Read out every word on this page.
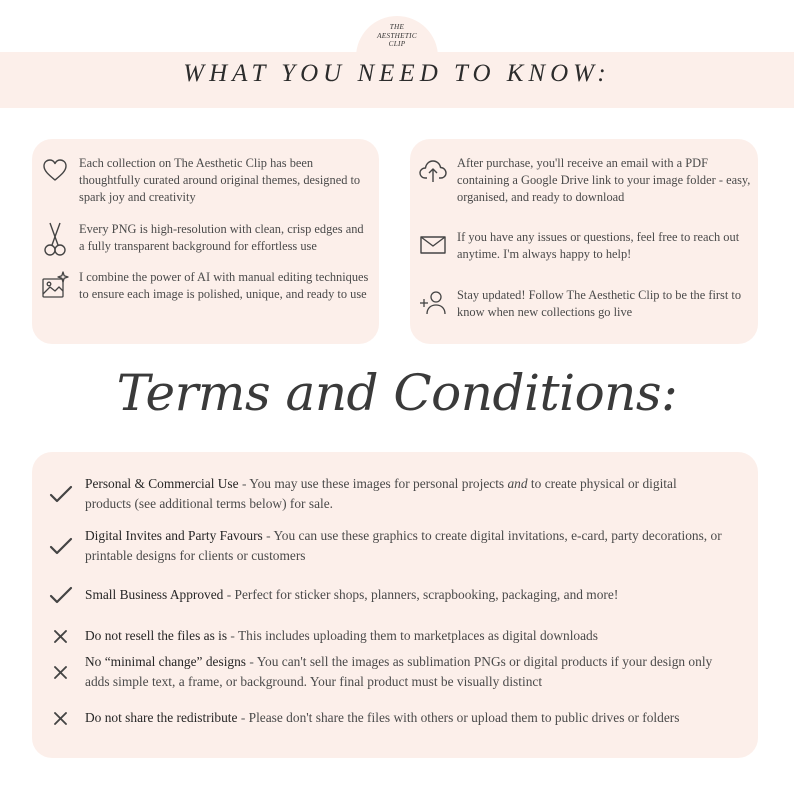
THE
AESTHETIC
CLIP
WHAT YOU NEED TO KNOW:
Each collection on The Aesthetic Clip has been thoughtfully curated around original themes, designed to spark joy and creativity
Every PNG is high-resolution with clean, crisp edges and a fully transparent background for effortless use
I combine the power of AI with manual editing techniques to ensure each image is polished, unique, and ready to use
After purchase, you'll receive an email with a PDF containing a Google Drive link to your image folder - easy, organised, and ready to download
If you have any issues or questions, feel free to reach out anytime. I'm always happy to help!
Stay updated! Follow The Aesthetic Clip to be the first to know when new collections go live
Terms and Conditions:
Personal & Commercial Use - You may use these images for personal projects and to create physical or digital products (see additional terms below) for sale.
Digital Invites and Party Favours - You can use these graphics to create digital invitations, e-card, party decorations, or printable designs for clients or customers
Small Business Approved - Perfect for sticker shops, planners, scrapbooking, packaging, and more!
Do not resell the files as is - This includes uploading them to marketplaces as digital downloads
No “minimal change” designs - You can't sell the images as sublimation PNGs or digital products if your design only adds simple text, a frame, or background. Your final product must be visually distinct
Do not share the redistribute - Please don't share the files with others or upload them to public drives or folders
